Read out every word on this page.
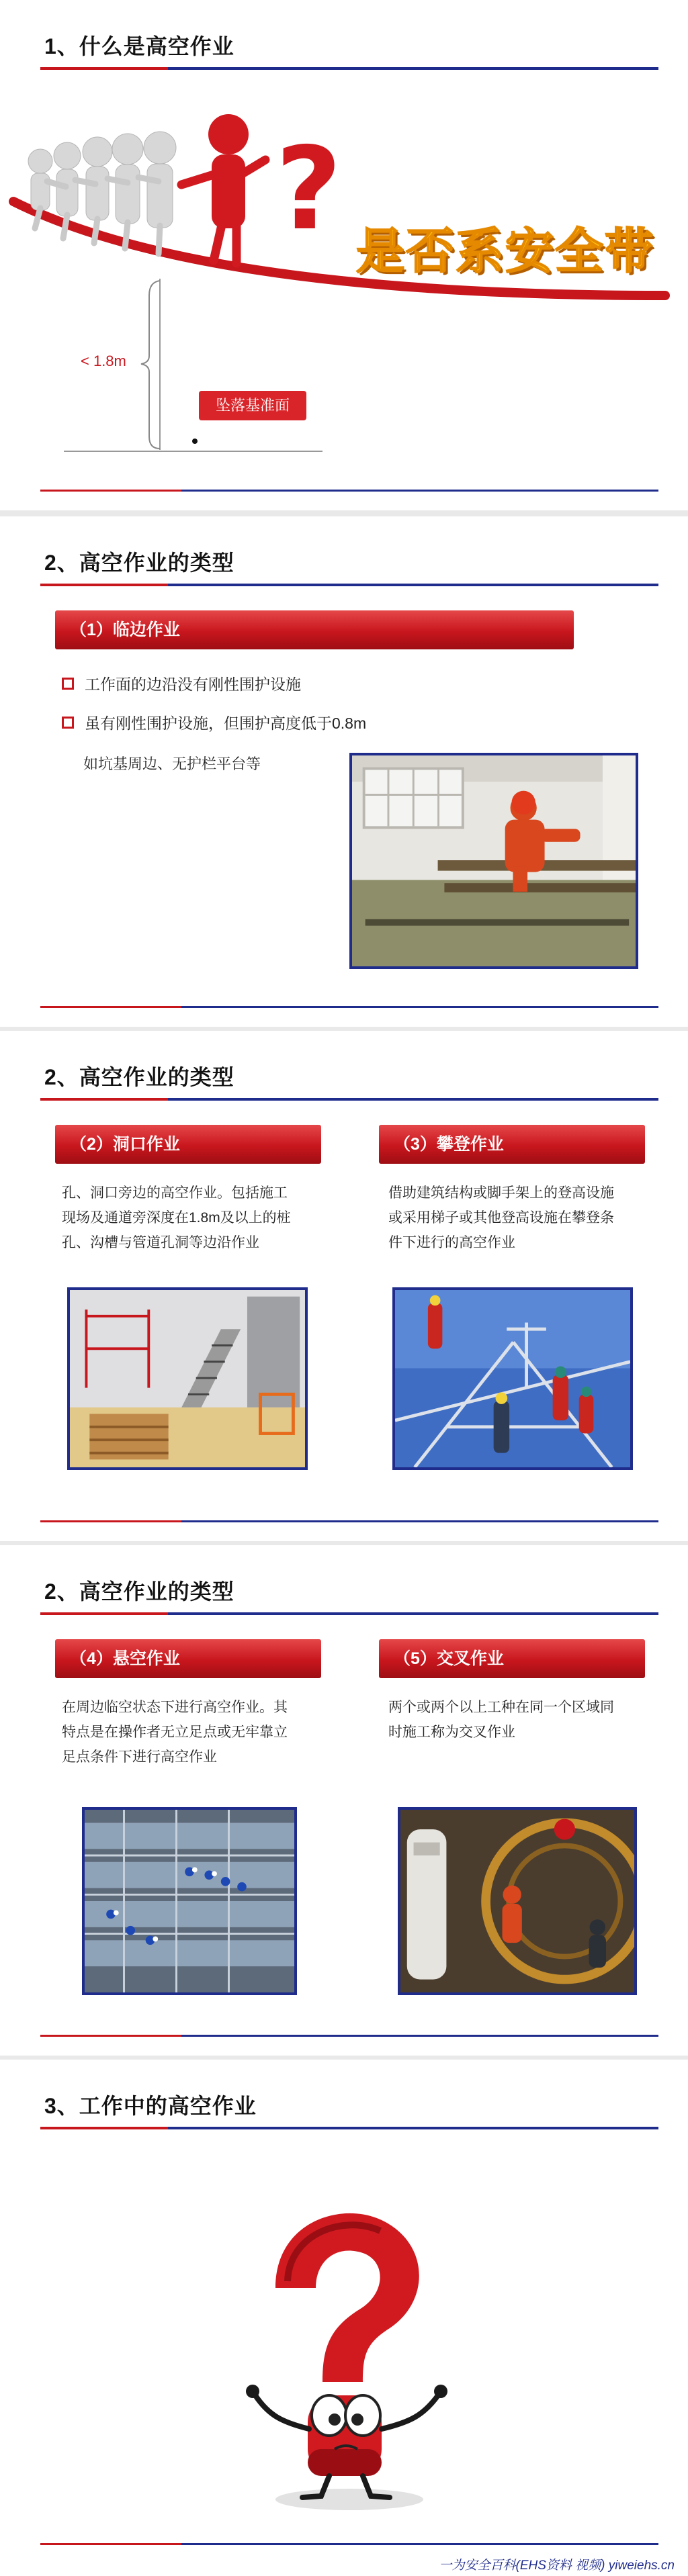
1、什么是高空作业
? 是否系安全带
< 1.8m
坠落基准面
2、高空作业的类型
（1）临边作业
工作面的边沿没有刚性围护设施
虽有刚性围护设施，但围护高度低于0.8m
如坑基周边、无护栏平台等
2、高空作业的类型
（2）洞口作业
孔、洞口旁边的高空作业。包括施工
现场及通道旁深度在1.8m及以上的桩
孔、沟槽与管道孔洞等边沿作业
（3）攀登作业
借助建筑结构或脚手架上的登高设施
或采用梯子或其他登高设施在攀登条
件下进行的高空作业
2、高空作业的类型
（4）悬空作业
在周边临空状态下进行高空作业。其
特点是在操作者无立足点或无牢靠立
足点条件下进行高空作业
（5）交叉作业
两个或两个以上工种在同一个区域同
时施工称为交叉作业
3、工作中的高空作业
一为安全百科(EHS资料 视频) yiweiehs.cn
